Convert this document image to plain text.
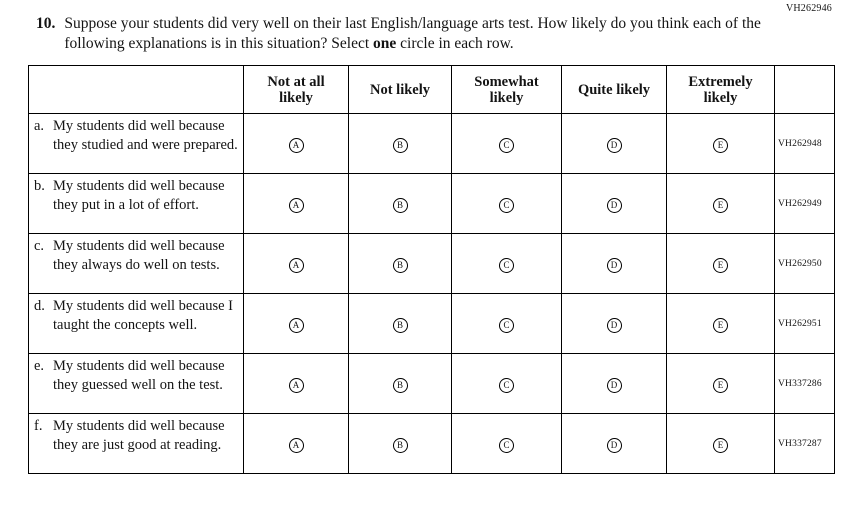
VH262946
10. Suppose your students did very well on their last English/language arts test. How likely do you think each of the following explanations is in this situation? Select one circle in each row.
	Not at all likely	Not likely	Somewhat likely	Quite likely	Extremely likely	

a. My students did well because they studied and were prepared.	A	B	C	D	E	VH262948

b. My students did well because they put in a lot of effort.	A	B	C	D	E	VH262949

c. My students did well because they always do well on tests.	A	B	C	D	E	VH262950

d. My students did well because I taught the concepts well.	A	B	C	D	E	VH262951

e. My students did well because they guessed well on the test.	A	B	C	D	E	VH337286

f. My students did well because they are just good at reading.	A	B	C	D	E	VH337287
